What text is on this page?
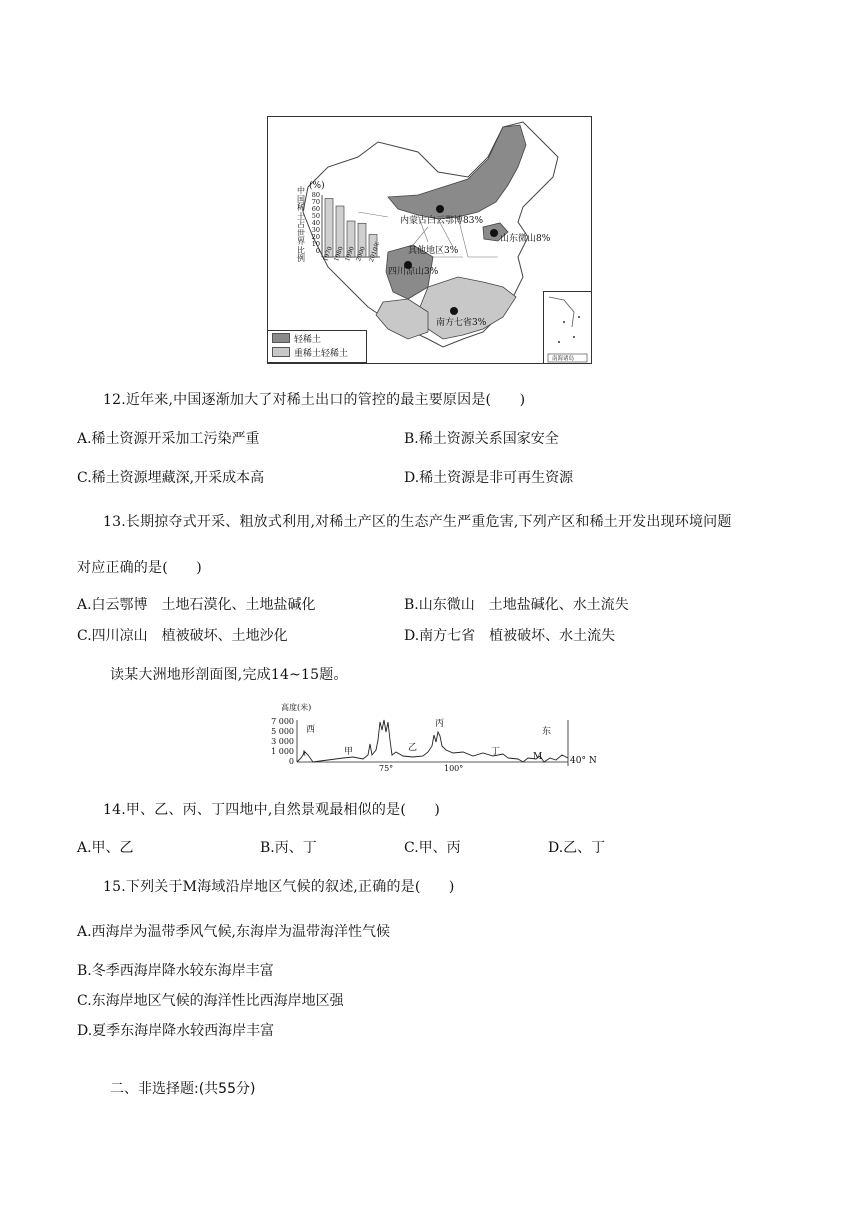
(%)
中
国
稀
土
占
世
界
比
例
80
70
60
50
40
30
20
10
0 1970 1980 1990 2000 2010年
内蒙古白云鄂博83%
其他地区3%
山东微山8%
四川凉山3%
南方七省3%
轻稀土
重稀土轻稀土
南海诸岛
12.近年来,中国逐渐加大了对稀土出口的管控的最主要原因是(　　)
A.稀土资源开采加工污染严重	B.稀土资源关系国家安全
C.稀土资源埋藏深,开采成本高	D.稀土资源是非可再生资源
13.长期掠夺式开采、粗放式利用,对稀土产区的生态产生严重危害,下列产区和稀土开发出现环境问题
对应正确的是(　　)
A.白云鄂博　土地石漠化、土地盐碱化	B.山东微山　土地盐碱化、水土流失
C.四川凉山　植被破坏、土地沙化	D.南方七省　植被破坏、水土流失
读某大洲地形剖面图,完成14~15题。
高度(米)
7 000
5 000
3 000
1 000
0
西	东
甲	乙
丙
丁	M
75°	100°
40° N
14.甲、乙、丙、丁四地中,自然景观最相似的是(　　)
A.甲、乙	B.丙、丁	C.甲、丙	D.乙、丁
15.下列关于M海域沿岸地区气候的叙述,正确的是(　　)
A.西海岸为温带季风气候,东海岸为温带海洋性气候
B.冬季西海岸降水较东海岸丰富
C.东海岸地区气候的海洋性比西海岸地区强
D.夏季东海岸降水较西海岸丰富
二、非选择题:(共55分)
